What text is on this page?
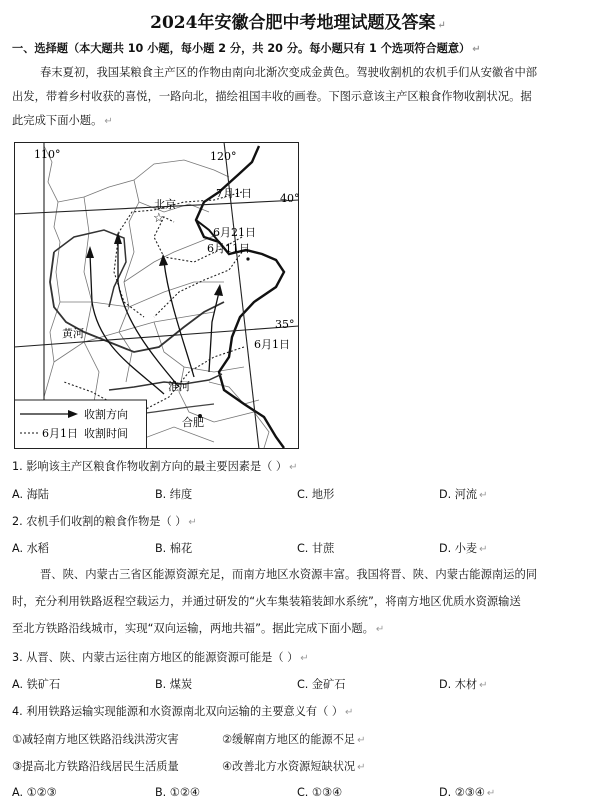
2024年安徽合肥中考地理试题及答案 ↵
一、选择题（本大题共 10 小题，每小题 2 分，共 20 分。每小题只有 1 个选项符合题意） ↵
春末夏初，我国某粮食主产区的作物由南向北渐次变成金黄色。驾驶收割机的农机手们从安徽省中部
出发，带着乡村收获的喜悦，一路向北，描绘祖国丰收的画卷。下图示意该主产区粮食作物收割状况。据
此完成下面小题。 ↵
☆
110°	120°
40°
35°
北京
黄河
淮河
合肥
7月1日
6月21日
6月11日
6月1日
收割方向
6月1日 收割时间
1. 影响该主产区粮食作物收割方向的最主要因素是（ ） ↵
A. 海陆	B. 纬度	C. 地形	D. 河流 ↵
2. 农机手们收割的粮食作物是（ ） ↵
A. 水稻	B. 棉花	C. 甘蔗	D. 小麦 ↵
晋、陕、内蒙古三省区能源资源充足，而南方地区水资源丰富。我国将晋、陕、内蒙古能源南运的同
时，充分利用铁路返程空载运力，并通过研发的“火车集装箱装卸水系统”，将南方地区优质水资源输送
至北方铁路沿线城市，实现“双向运输，两地共福”。据此完成下面小题。 ↵
3. 从晋、陕、内蒙古运往南方地区的能源资源可能是（ ） ↵
A. 铁矿石	B. 煤炭	C. 金矿石	D. 木材 ↵
4. 利用铁路运输实现能源和水资源南北双向运输的主要意义有（ ） ↵
①减轻南方地区铁路沿线洪涝灾害	②缓解南方地区的能源不足 ↵
③提高北方铁路沿线居民生活质量	④改善北方水资源短缺状况 ↵
A. ①②③	B. ①②④	C. ①③④	D. ②③④ ↵
